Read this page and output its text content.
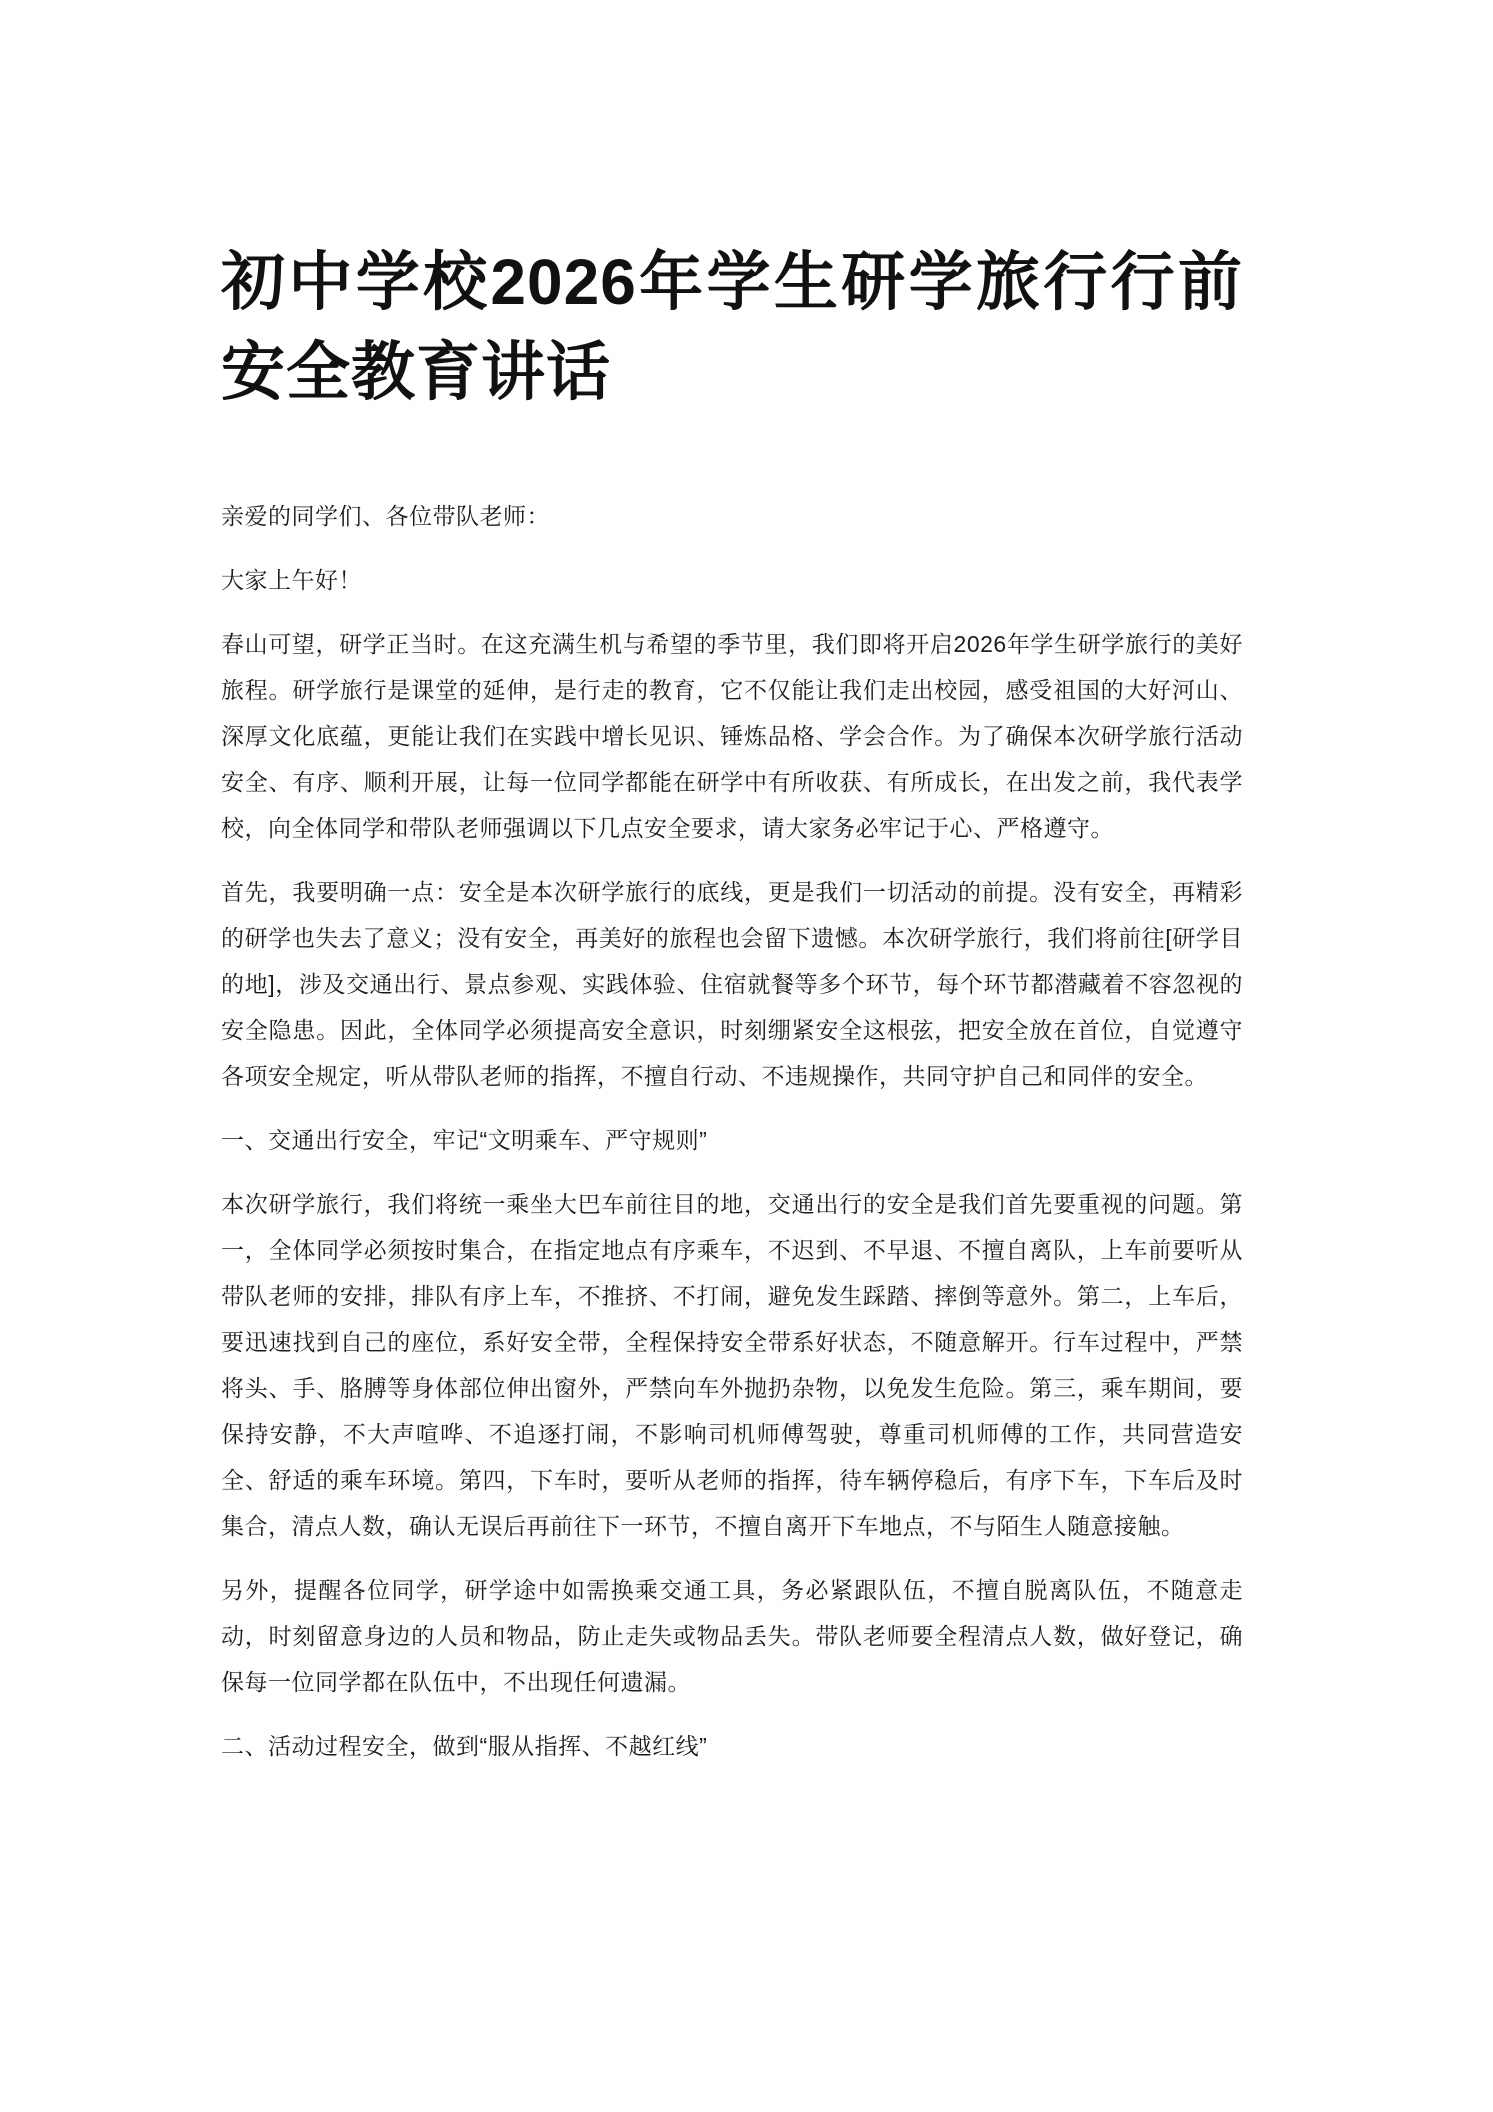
初中学校2026年学生研学旅行行前安全教育讲话

亲爱的同学们、各位带队老师：

大家上午好！

春山可望，研学正当时。在这充满生机与希望的季节里，我们即将开启2026年学生研学旅行的美好旅程。研学旅行是课堂的延伸，是行走的教育，它不仅能让我们走出校园，感受祖国的大好河山、深厚文化底蕴，更能让我们在实践中增长见识、锤炼品格、学会合作。为了确保本次研学旅行活动安全、有序、顺利开展，让每一位同学都能在研学中有所收获、有所成长，在出发之前，我代表学校，向全体同学和带队老师强调以下几点安全要求，请大家务必牢记于心、严格遵守。

首先，我要明确一点：安全是本次研学旅行的底线，更是我们一切活动的前提。没有安全，再精彩的研学也失去了意义；没有安全，再美好的旅程也会留下遗憾。本次研学旅行，我们将前往[研学目的地]，涉及交通出行、景点参观、实践体验、住宿就餐等多个环节，每个环节都潜藏着不容忽视的安全隐患。因此，全体同学必须提高安全意识，时刻绷紧安全这根弦，把安全放在首位，自觉遵守各项安全规定，听从带队老师的指挥，不擅自行动、不违规操作，共同守护自己和同伴的安全。

一、交通出行安全，牢记“文明乘车、严守规则”

本次研学旅行，我们将统一乘坐大巴车前往目的地，交通出行的安全是我们首先要重视的问题。第一，全体同学必须按时集合，在指定地点有序乘车，不迟到、不早退、不擅自离队，上车前要听从带队老师的安排，排队有序上车，不推挤、不打闹，避免发生踩踏、摔倒等意外。第二，上车后，要迅速找到自己的座位，系好安全带，全程保持安全带系好状态，不随意解开。行车过程中，严禁将头、手、胳膊等身体部位伸出窗外，严禁向车外抛扔杂物，以免发生危险。第三，乘车期间，要保持安静，不大声喧哗、不追逐打闹，不影响司机师傅驾驶，尊重司机师傅的工作，共同营造安全、舒适的乘车环境。第四，下车时，要听从老师的指挥，待车辆停稳后，有序下车，下车后及时集合，清点人数，确认无误后再前往下一环节，不擅自离开下车地点，不与陌生人随意接触。

另外，提醒各位同学，研学途中如需换乘交通工具，务必紧跟队伍，不擅自脱离队伍，不随意走动，时刻留意身边的人员和物品，防止走失或物品丢失。带队老师要全程清点人数，做好登记，确保每一位同学都在队伍中，不出现任何遗漏。

二、活动过程安全，做到“服从指挥、不越红线”
